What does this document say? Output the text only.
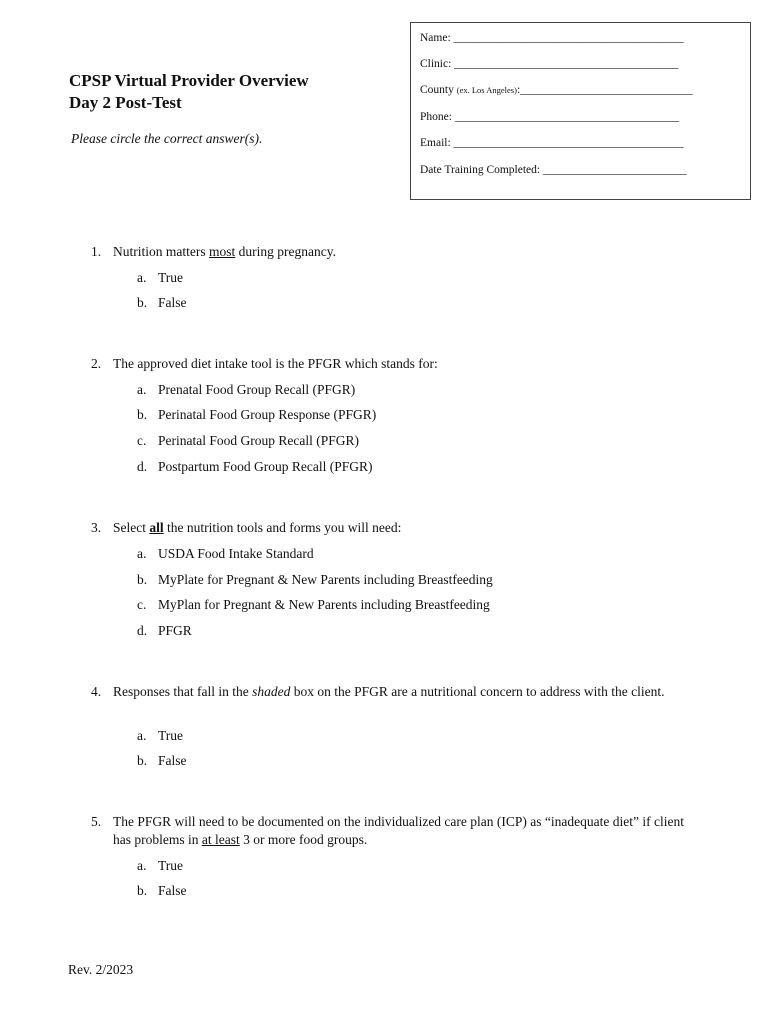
CPSP Virtual Provider Overview
Day 2 Post-Test
Please circle the correct answer(s).
Name: ________________________________________
Clinic: _______________________________________
County (ex. Los Angeles):______________________________
Phone: _______________________________________
Email: ________________________________________
Date Training Completed: _________________________
1. Nutrition matters most during pregnancy.
a. True
b. False
2. The approved diet intake tool is the PFGR which stands for:
a. Prenatal Food Group Recall (PFGR)
b. Perinatal Food Group Response (PFGR)
c. Perinatal Food Group Recall (PFGR)
d. Postpartum Food Group Recall (PFGR)
3. Select all the nutrition tools and forms you will need:
a. USDA Food Intake Standard
b. MyPlate for Pregnant & New Parents including Breastfeeding
c. MyPlan for Pregnant & New Parents including Breastfeeding
d. PFGR
4. Responses that fall in the shaded box on the PFGR are a nutritional concern to address with the client.
a. True
b. False
5. The PFGR will need to be documented on the individualized care plan (ICP) as “inadequate diet” if client has problems in at least 3 or more food groups.
a. True
b. False
Rev. 2/2023
